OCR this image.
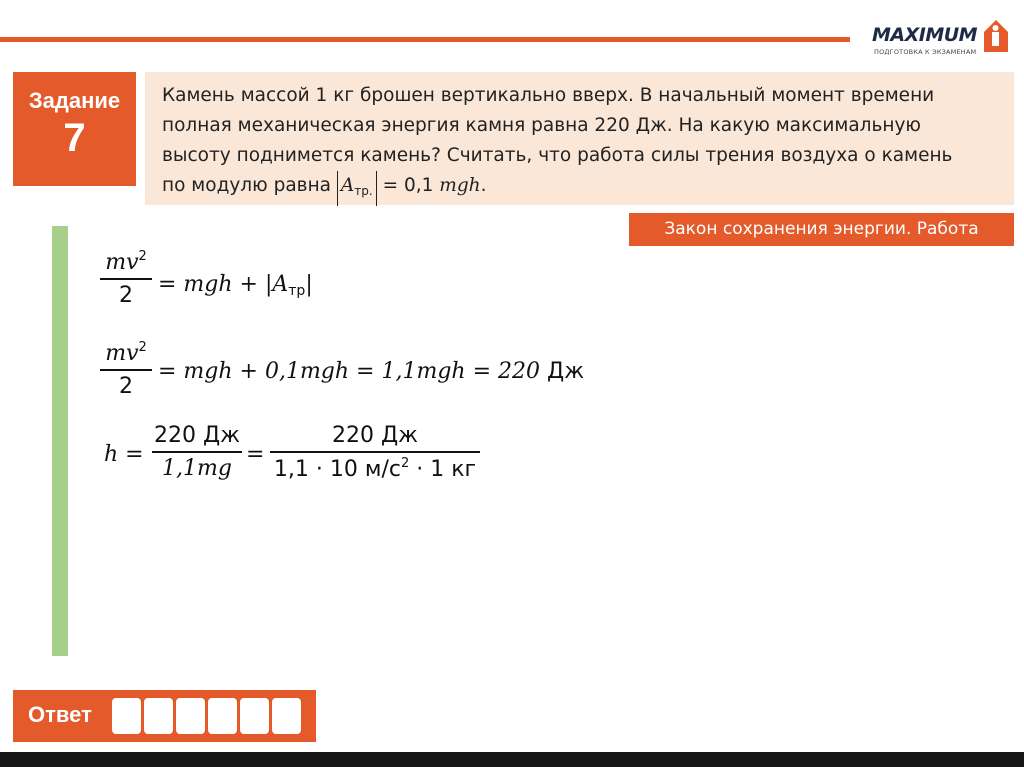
MAXIMUM
ПОДГОТОВКА К ЭКЗАМЕНАМ
Задание
7
Камень массой 1 кг брошен вертикально вверх. В начальный момент времени
полная механическая энергия камня равна 220 Дж. На какую максимальную
высоту поднимется камень? Считать, что работа силы трения воздуха о камень
по модулю равна $A_{тр.} = 0,1$ mgh.
Закон сохранения энергии. Работа
$mv^2$
2	= mgh + $|A_{тр}|$
$mv^2$
2
= mgh + 0,1mgh = 1,1mgh = 220 Дж
h =
220 Дж
1,1mg
=
220 Дж
1,1 · 10 $м/с^2 \cdot 1$ кг
Ответ
